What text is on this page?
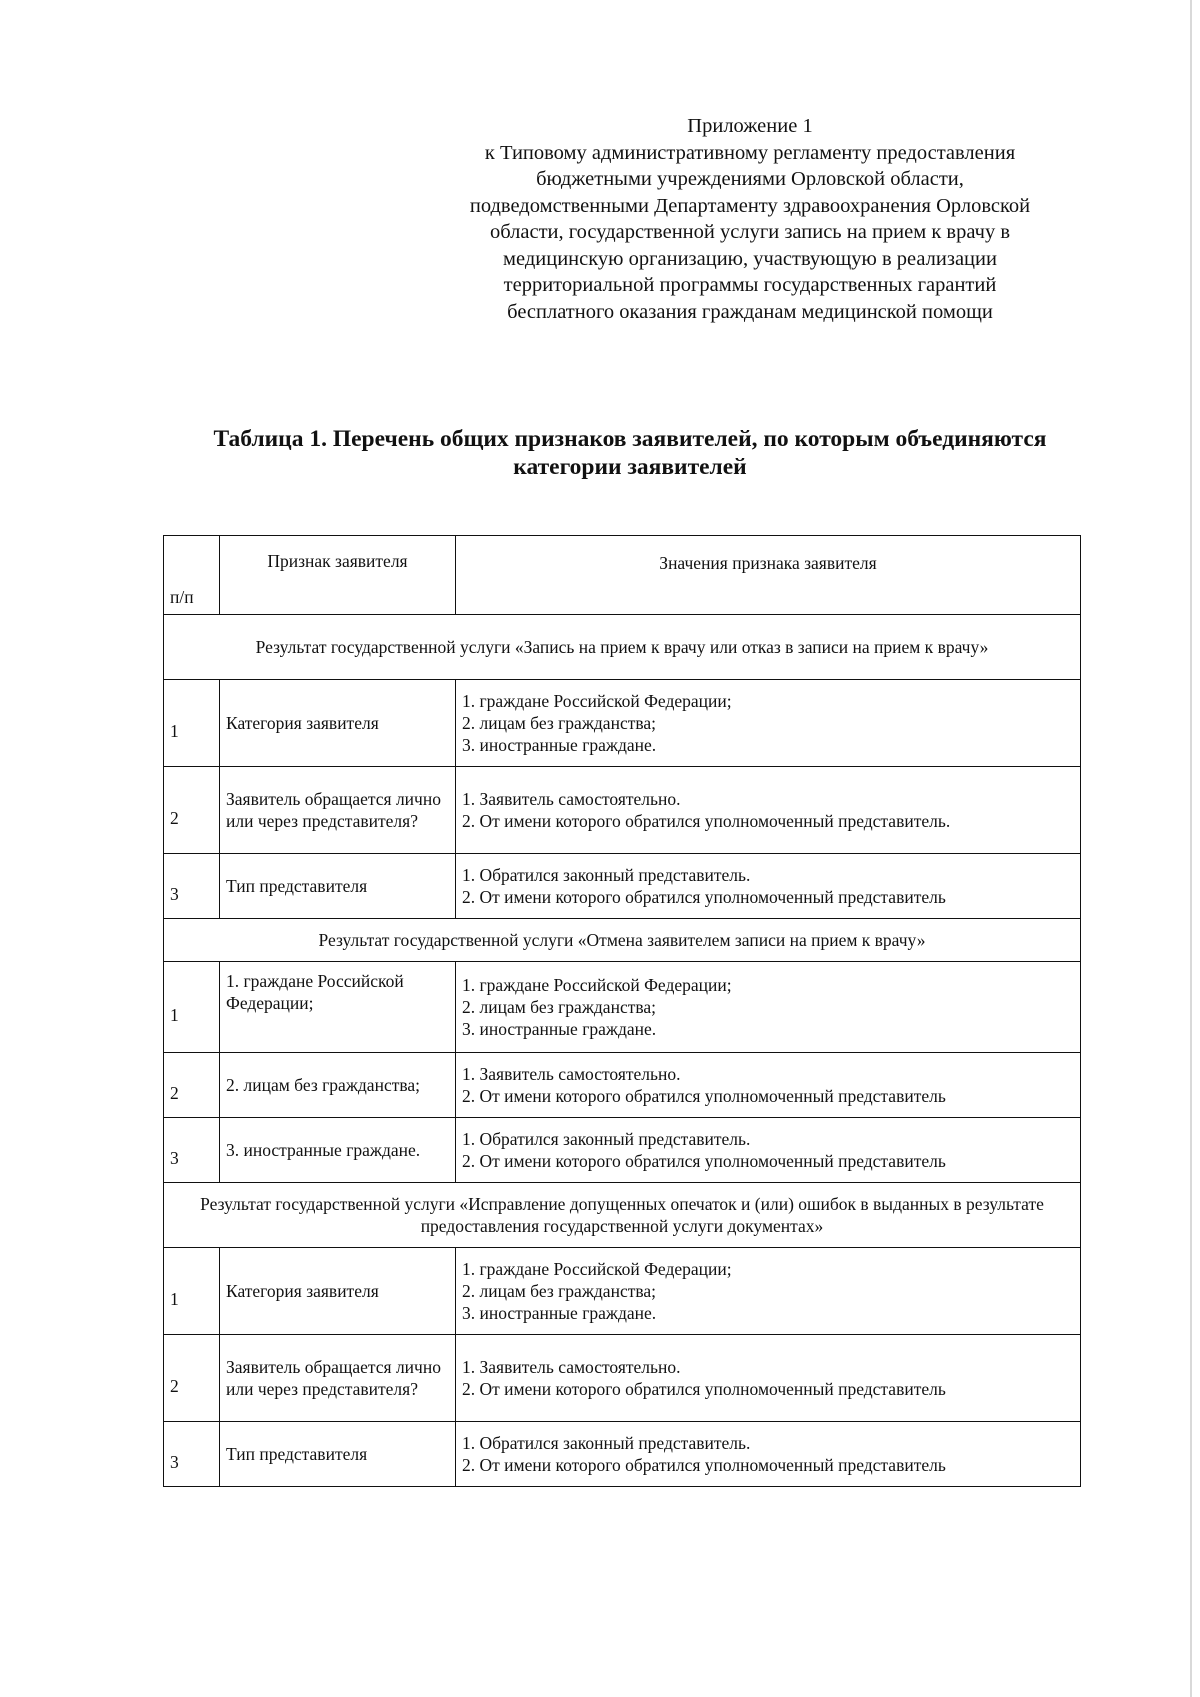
Приложение 1
к Типовому административному регламенту предоставления
бюджетными учреждениями Орловской области,
подведомственными Департаменту здравоохранения Орловской
области, государственной услуги запись на прием к врачу в
медицинскую организацию, участвующую в реализации
территориальной программы государственных гарантий
бесплатного оказания гражданам медицинской помощи
Таблица 1. Перечень общих признаков заявителей, по которым объединяются
категории заявителей
п/п	Признак заявителя	Значения признака заявителя
Результат государственной услуги «Запись на прием к врачу или отказ в записи на прием к врачу»		
1	Категория заявителя	1. граждане Российской Федерации;
2. лицам без гражданства;
3. иностранные граждане.

2	Заявитель обращается лично или через представителя?	1. Заявитель самостоятельно.
2. От имени которого обратился уполномоченный представитель.

3	Тип представителя	1. Обратился законный представитель.
2. От имени которого обратился уполномоченный представитель

Результат государственной услуги «Отмена заявителем записи на прием к врачу»		
1	1. граждане Российской Федерации;	1. граждане Российской Федерации;
2. лицам без гражданства;
3. иностранные граждане.

2	2. лицам без гражданства;	1. Заявитель самостоятельно.
2. От имени которого обратился уполномоченный представитель

3	3. иностранные граждане.	1. Обратился законный представитель.
2. От имени которого обратился уполномоченный представитель

Результат государственной услуги «Исправление допущенных опечаток и (или) ошибок в выданных в результате предоставления государственной услуги документах»		
1	Категория заявителя	1. граждане Российской Федерации;
2. лицам без гражданства;
3. иностранные граждане.

2	Заявитель обращается лично или через представителя?	1. Заявитель самостоятельно.
2. От имени которого обратился уполномоченный представитель

3	Тип представителя	1. Обратился законный представитель.
2. От имени которого обратился уполномоченный представитель
